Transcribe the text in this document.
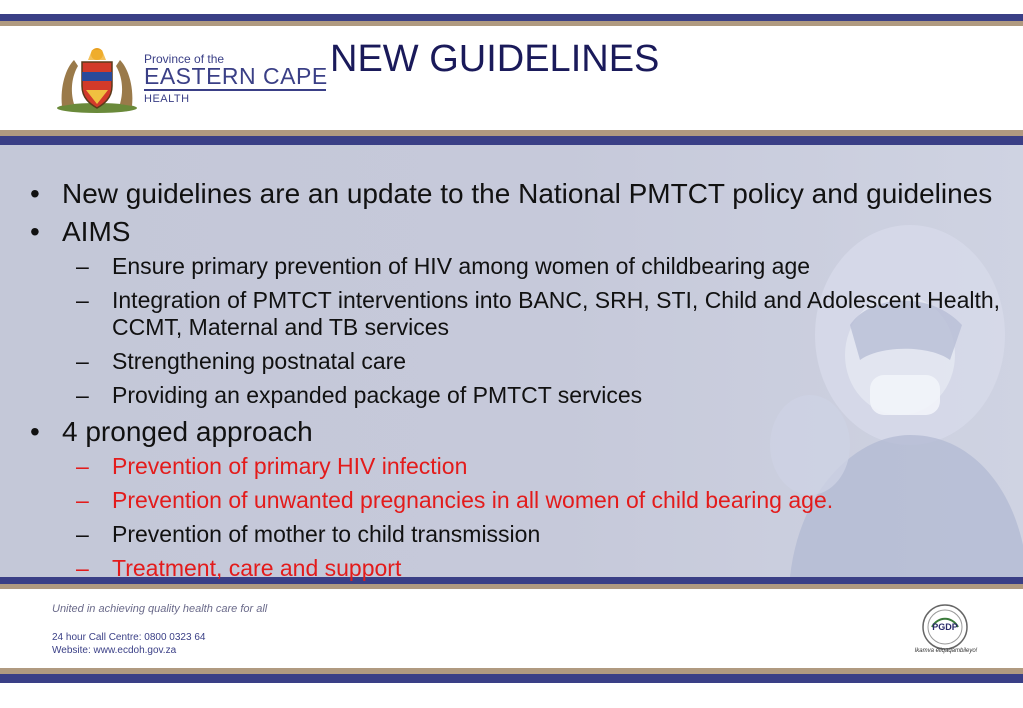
Province of the
EASTERN CAPE
HEALTH
NEW GUIDELINES
United in achieving quality health care for all
24 hour Call Centre: 0800 0323 64
Website: www.ecdoh.gov.za
PGDP
Ikamva eliqaqambileyo!
• New guidelines are an update to the National PMTCT policy and guidelines
• AIMS
– Ensure primary prevention of HIV among women of childbearing age
– Integration of PMTCT interventions into BANC, SRH, STI, Child and Adolescent Health, CCMT, Maternal and TB services
– Strengthening postnatal care
– Providing an expanded package of PMTCT services
• 4 pronged approach
– Prevention of primary HIV infection
– Prevention of unwanted pregnancies in all women of child bearing age.
– Prevention of mother to child transmission
– Treatment, care and support
